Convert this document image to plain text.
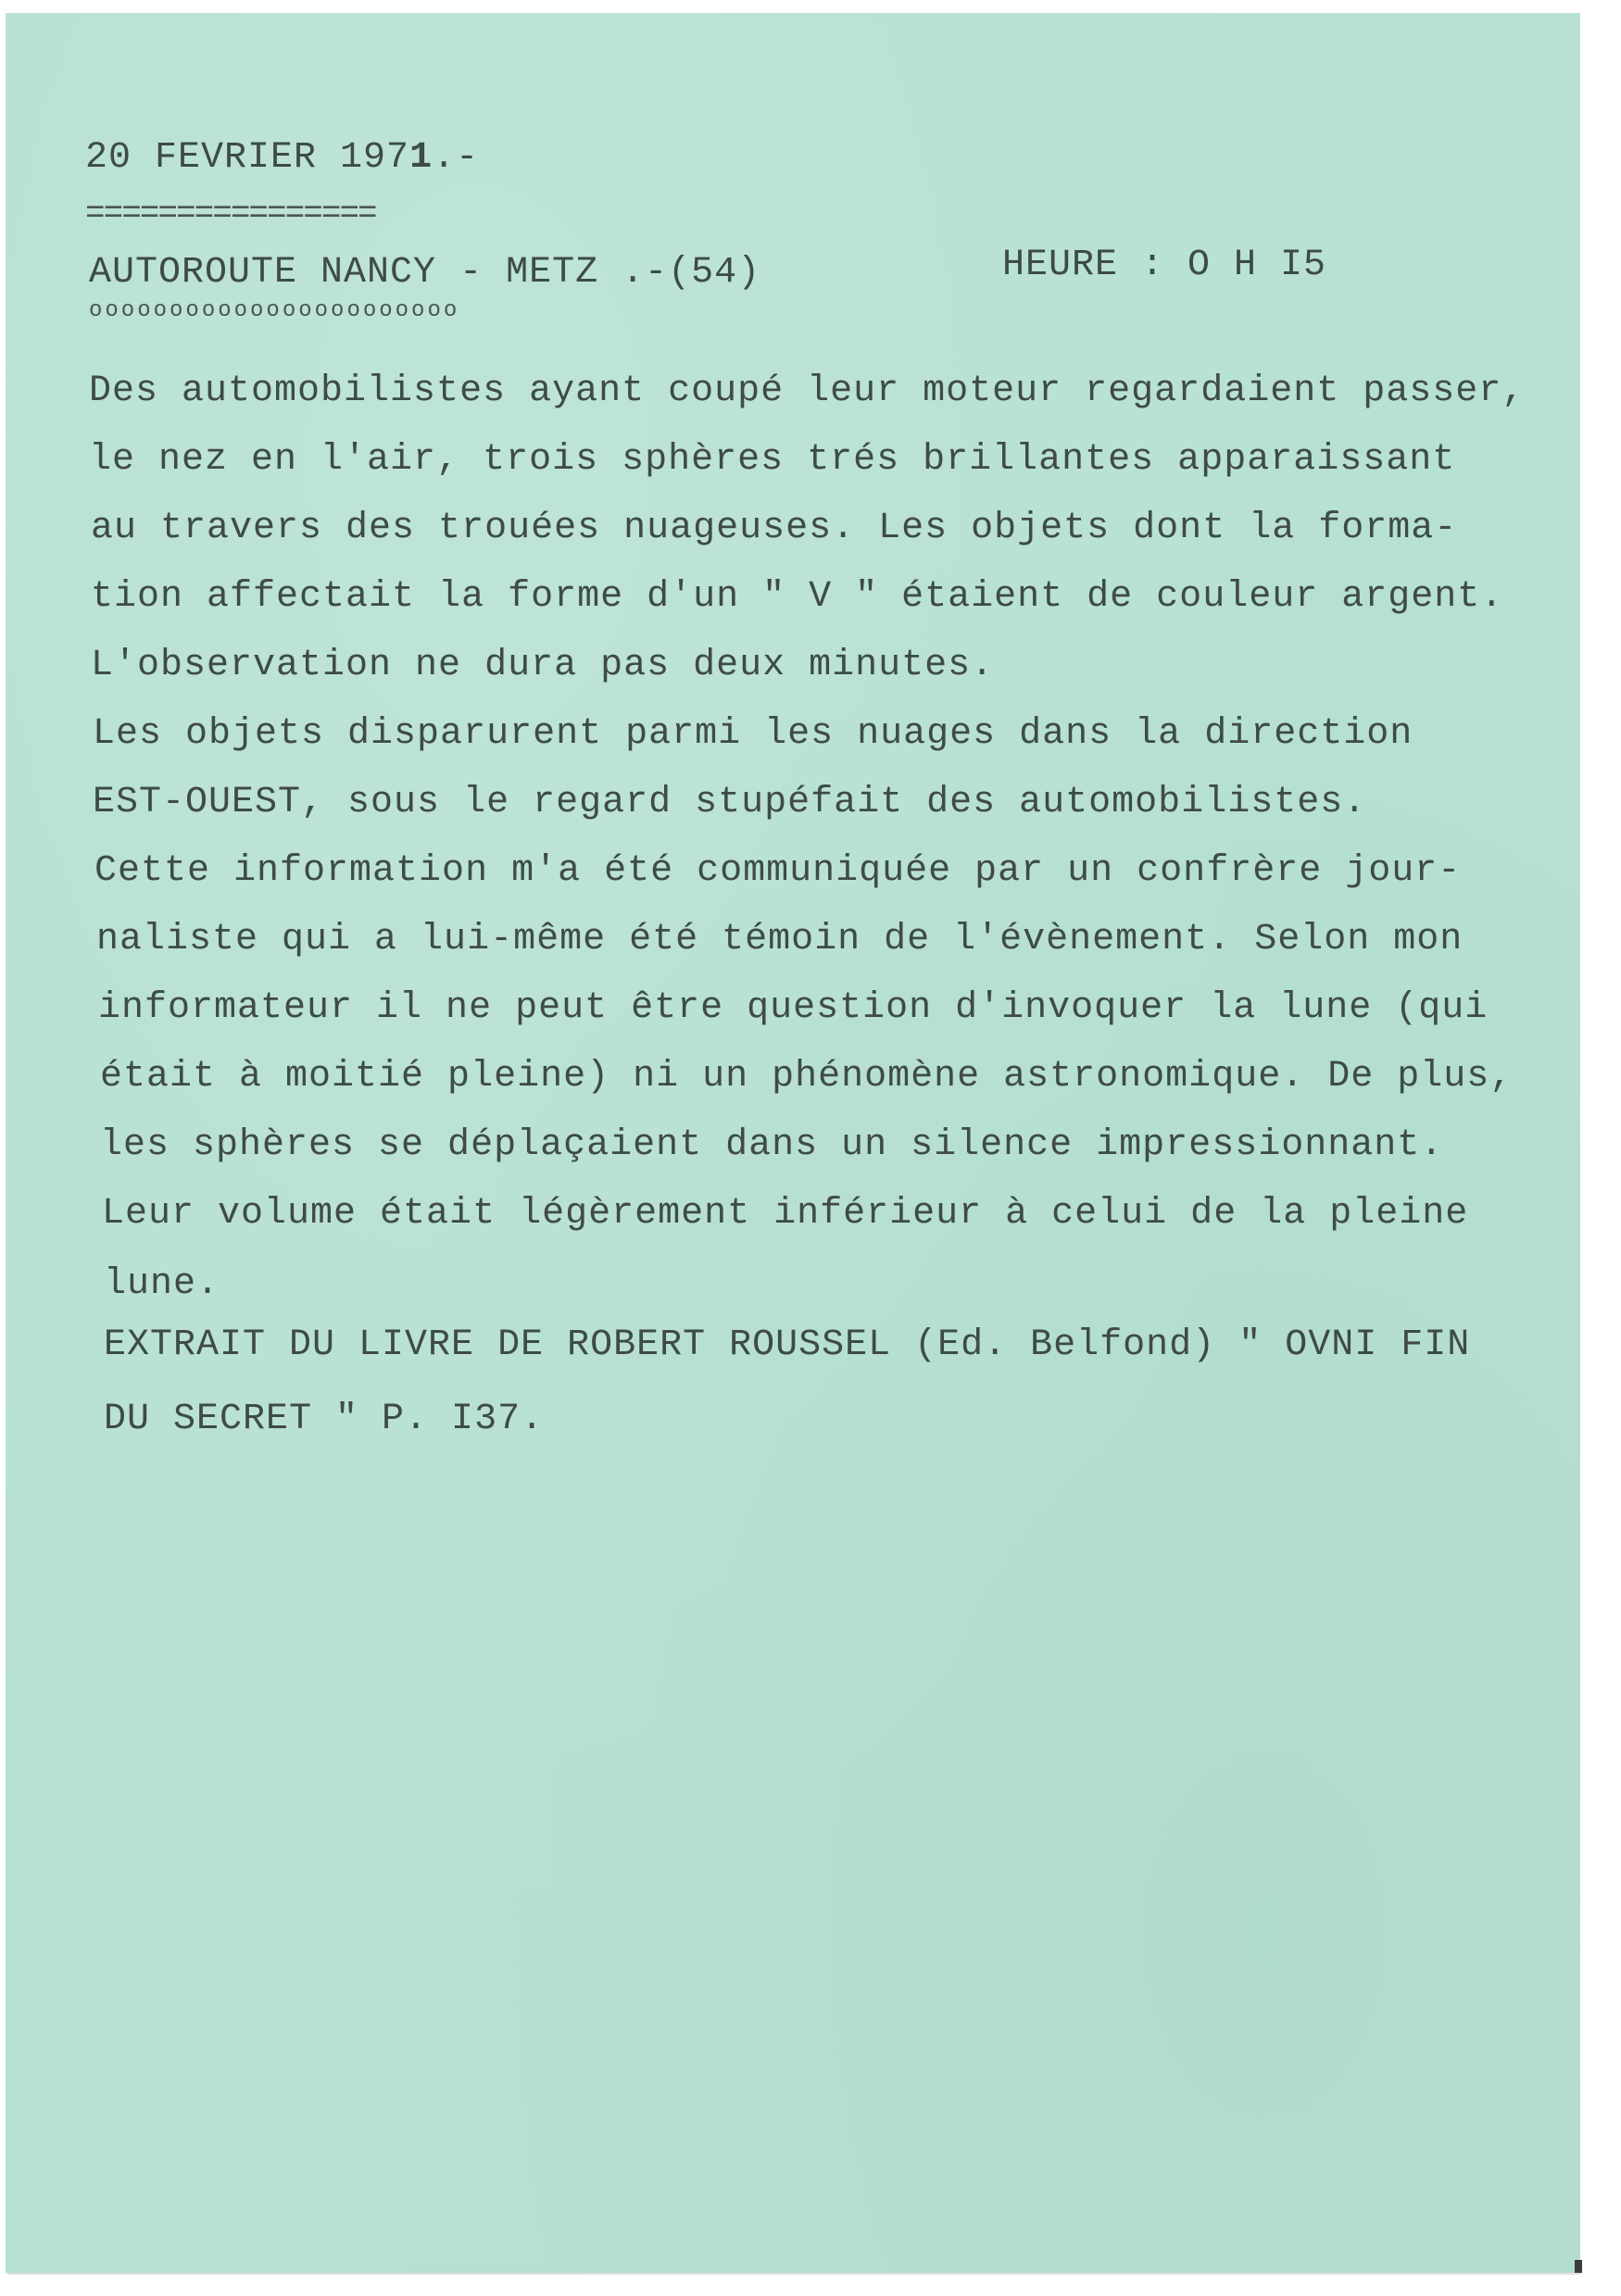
20 FEVRIER 1971.-
================
AUTOROUTE NANCY - METZ .-(54)	HEURE : O H I5
ooooooooooooooooooooooo
Des automobilistes ayant coupé leur moteur regardaient passer,
le nez en l'air, trois sphères trés brillantes apparaissant
au travers des trouées nuageuses. Les objets dont la forma-
tion affectait la forme d'un " V " étaient de couleur argent.
L'observation ne dura pas deux minutes.
Les objets disparurent parmi les nuages dans la direction
EST-OUEST, sous le regard stupéfait des automobilistes.
Cette information m'a été communiquée par un confrère jour-
naliste qui a lui-même été témoin de l'évènement. Selon mon
informateur il ne peut être question d'invoquer la lune (qui
était à moitié pleine) ni un phénomène astronomique. De plus,
les sphères se déplaçaient dans un silence impressionnant.
Leur volume était légèrement inférieur à celui de la pleine
lune.
EXTRAIT DU LIVRE DE ROBERT ROUSSEL (Ed. Belfond) " OVNI FIN
DU SECRET " P. I37.
